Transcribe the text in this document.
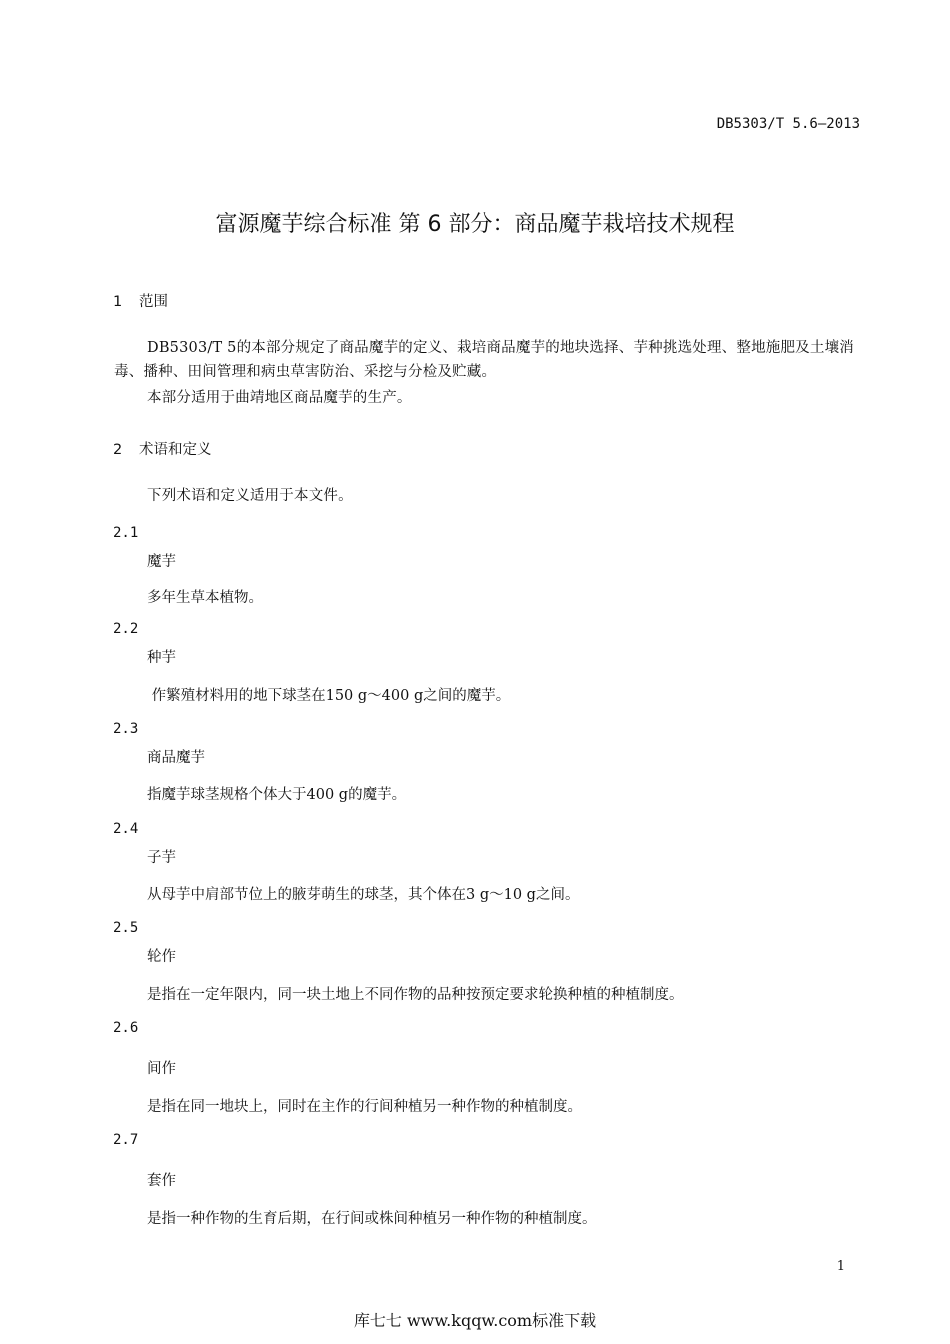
DB5303/T 5.6—2013
富源魔芋综合标准 第 6 部分：商品魔芋栽培技术规程
1 范围
DB5303/T 5的本部分规定了商品魔芋的定义、栽培商品魔芋的地块选择、芋种挑选处理、整地施肥及土壤消毒、播种、田间管理和病虫草害防治、采挖与分检及贮藏。
本部分适用于曲靖地区商品魔芋的生产。
2 术语和定义
下列术语和定义适用于本文件。
2.1
魔芋
多年生草本植物。
2.2
种芋
作繁殖材料用的地下球茎在150 g～400 g之间的魔芋。
2.3
商品魔芋
指魔芋球茎规格个体大于400 g的魔芋。
2.4
子芋
从母芋中肩部节位上的腋芽萌生的球茎，其个体在3 g～10 g之间。
2.5
轮作
是指在一定年限内，同一块土地上不同作物的品种按预定要求轮换种植的种植制度。
2.6
间作
是指在同一地块上，同时在主作的行间种植另一种作物的种植制度。
2.7
套作
是指一种作物的生育后期，在行间或株间种植另一种作物的种植制度。
1
库七七 www.kqqw.com标准下载
